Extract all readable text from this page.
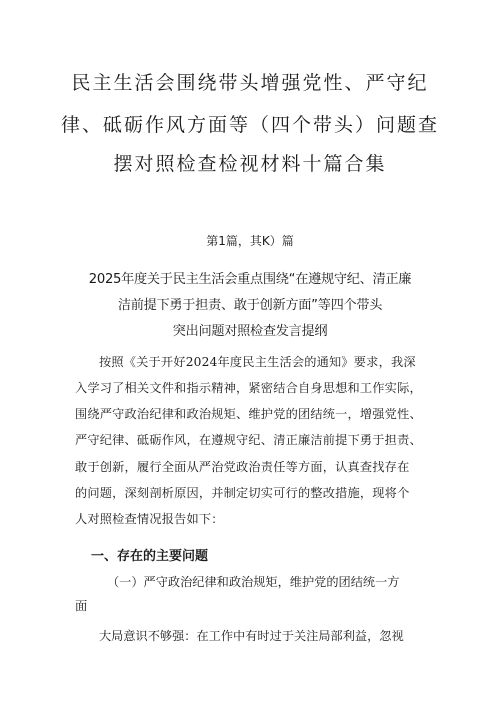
民主生活会围绕带头增强党性、严守纪
律、砥砺作风方面等（四个带头）问题查
摆对照检查检视材料十篇合集
第1篇，其K）篇
2025年度关于民主生活会重点围绕“在遵规守纪、清正廉
洁前提下勇于担责、敢于创新方面”等四个带头
突出问题对照检查发言提纲
按照《关于开好2024年度民主生活会的通知》要求，我深
入学习了相关文件和指示精神，紧密结合自身思想和工作实际，
围绕严守政治纪律和政治规矩、维护党的团结统一，增强党性、
严守纪律、砥砺作风，在遵规守纪、清正廉洁前提下勇于担责、
敢于创新，履行全面从严治党政治责任等方面，认真查找存在
的问题，深刻剖析原因，并制定切实可行的整改措施，现将个
人对照检查情况报告如下：
一、存在的主要问题
（一）严守政治纪律和政治规矩，维护党的团结统一方
面
大局意识不够强：在工作中有时过于关注局部利益，忽视
